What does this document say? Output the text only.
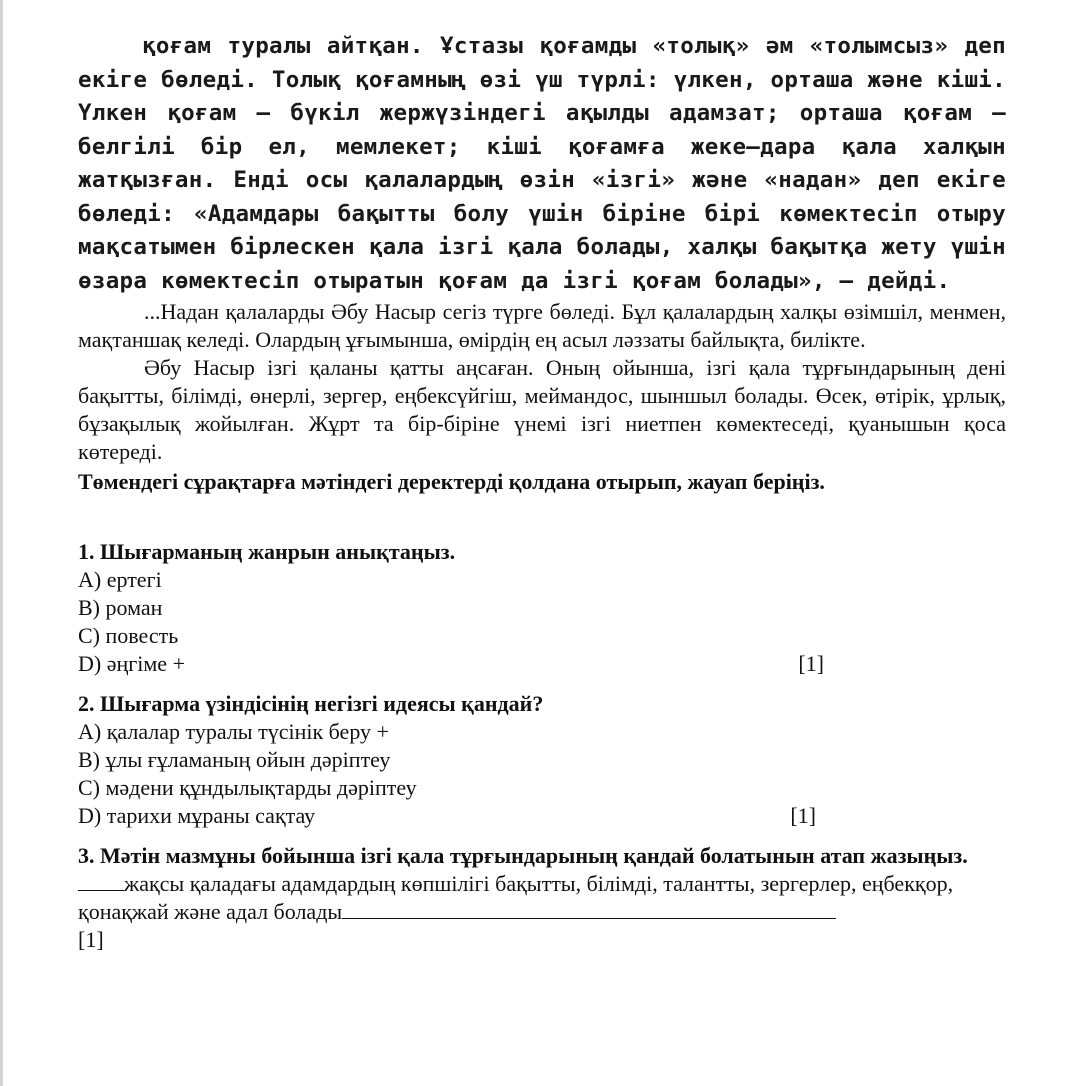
қоғам туралы айтқан. Ұстазы қоғамды «толық» әм «толымсыз» деп екіге бөледі. Толық қоғамның өзі үш түрлі: үлкен, орташа және кіші. Үлкен қоғам – бүкіл жержүзіндегі ақылды адамзат; орташа қоғам — белгілі бір ел, мемлекет; кіші қоғамға жеке–дара қала халқын жатқызған. Енді осы қалалардың өзін «ізгі» және «надан» деп екіге бөледі: «Адамдары бақытты болу үшін біріне бірі көмектесіп отыру мақсатымен бірлескен қала ізгі қала болады, халқы бақытқа жету үшін өзара көмектесіп отыратын қоғам да ізгі қоғам болады», — дейді.

...Надан қалаларды Әбу Насыр сегіз түрге бөледі. Бұл қалалардың халқы өзімшіл, менмен, мақтаншақ келеді. Олардың ұғымынша, өмірдің ең асыл ләззаты байлықта, билікте.

Әбу Насыр ізгі қаланы қатты аңсаған. Оның ойынша, ізгі қала тұрғындарының дені бақытты, білімді, өнерлі, зергер, еңбексүйгіш, меймандос, шыншыл болады. Өсек, өтірік, ұрлық, бұзақылық жойылған. Жұрт та бір-біріне үнемі ізгі ниетпен көмектеседі, қуанышын қоса көтереді.

Төмендегі сұрақтарға мәтіндегі деректерді қолдана отырып, жауап беріңіз.

1. Шығарманың жанрын анықтаңыз.

A) ертегі

B) роман

C) повесть

D) әңгіме +	[1]

2. Шығарма үзіндісінің негізгі идеясы қандай?

A) қалалар туралы түсінік беру +

B) ұлы ғұламаның ойын дәріптеу

C) мәдени құндылықтарды дәріптеу

D) тарихи мұраны сақтау	[1]

3. Мәтін мазмұны бойынша ізгі қала тұрғындарының қандай болатынын атап жазыңыз.

жақсы қаладағы адамдардың көпшілігі бақытты, білімді, талантты, зергерлер, еңбекқор, қонақжай және адал болады

[1]
